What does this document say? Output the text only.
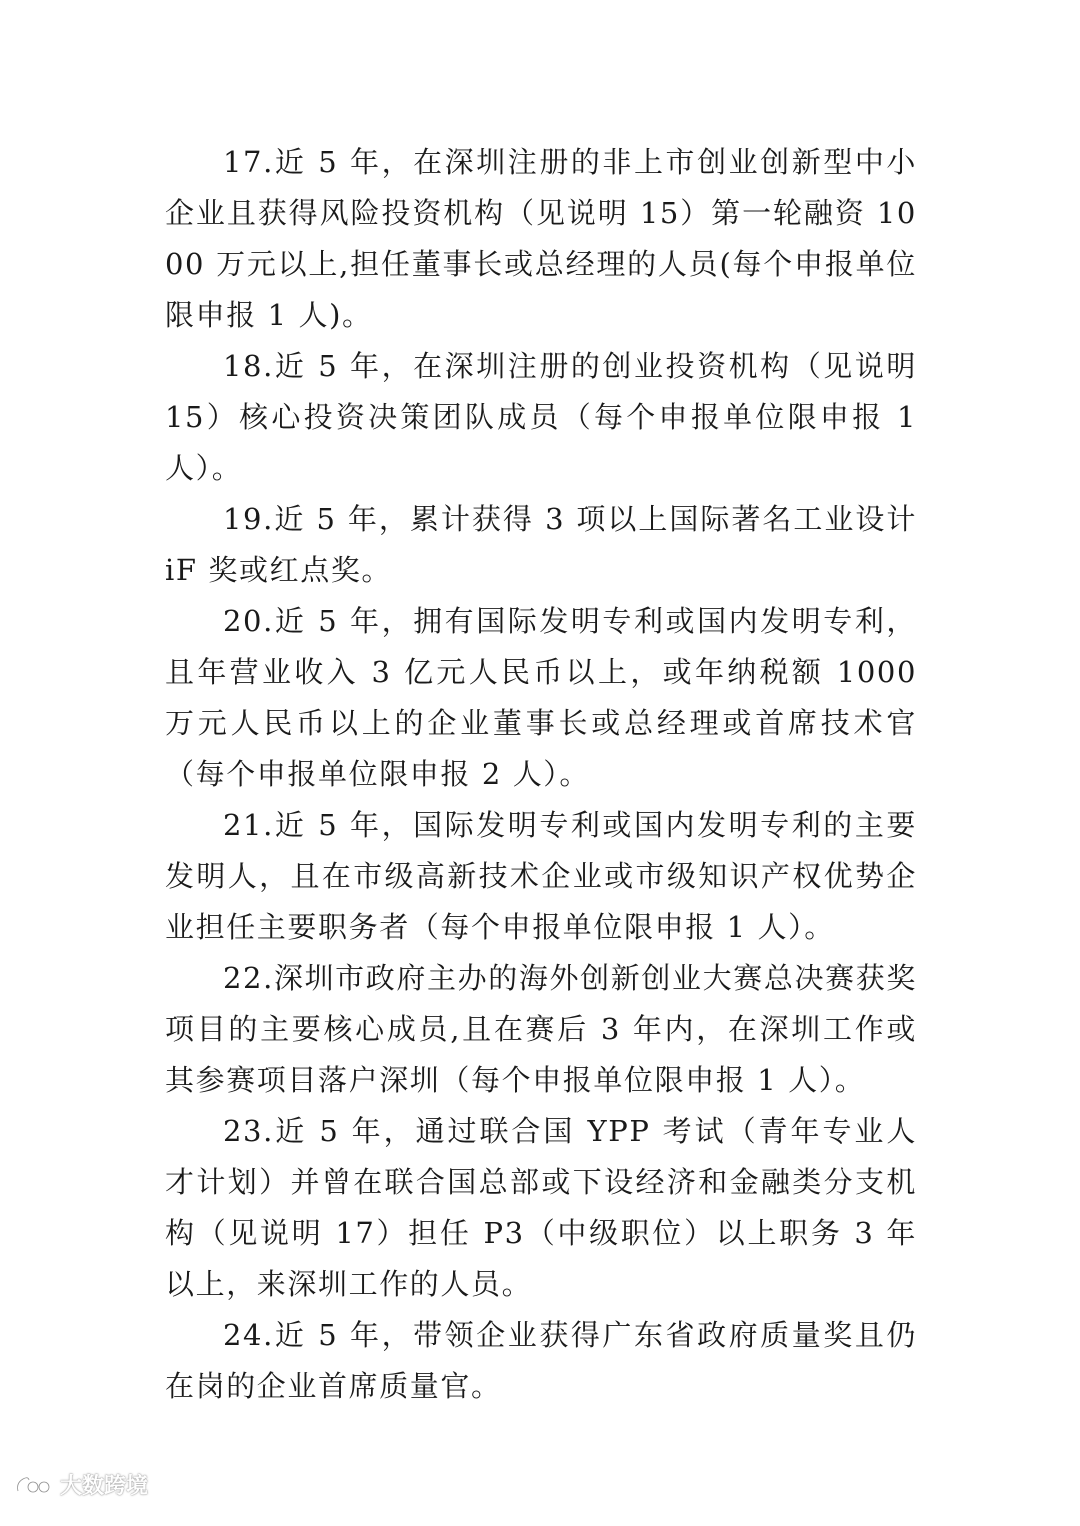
17.近 5 年，在深圳注册的非上市创业创新型中小企业且获得风险投资机构（见说明 15）第一轮融资 1000 万元以上,担任董事长或总经理的人员(每个申报单位限申报 1 人)。

18.近 5 年，在深圳注册的创业投资机构（见说明 15）核心投资决策团队成员（每个申报单位限申报 1 人）。

19.近 5 年，累计获得 3 项以上国际著名工业设计 iF 奖或红点奖。

20.近 5 年，拥有国际发明专利或国内发明专利，且年营业收入 3 亿元人民币以上，或年纳税额 1000 万元人民币以上的企业董事长或总经理或首席技术官（每个申报单位限申报 2 人）。

21.近 5 年，国际发明专利或国内发明专利的主要发明人，且在市级高新技术企业或市级知识产权优势企业担任主要职务者（每个申报单位限申报 1 人）。

22.深圳市政府主办的海外创新创业大赛总决赛获奖项目的主要核心成员,且在赛后 3 年内，在深圳工作或其参赛项目落户深圳（每个申报单位限申报 1 人）。

23.近 5 年，通过联合国 YPP 考试（青年专业人才计划）并曾在联合国总部或下设经济和金融类分支机构（见说明 17）担任 P3（中级职位）以上职务 3 年以上，来深圳工作的人员。

24.近 5 年，带领企业获得广东省政府质量奖且仍在岗的企业首席质量官。

大数跨境
